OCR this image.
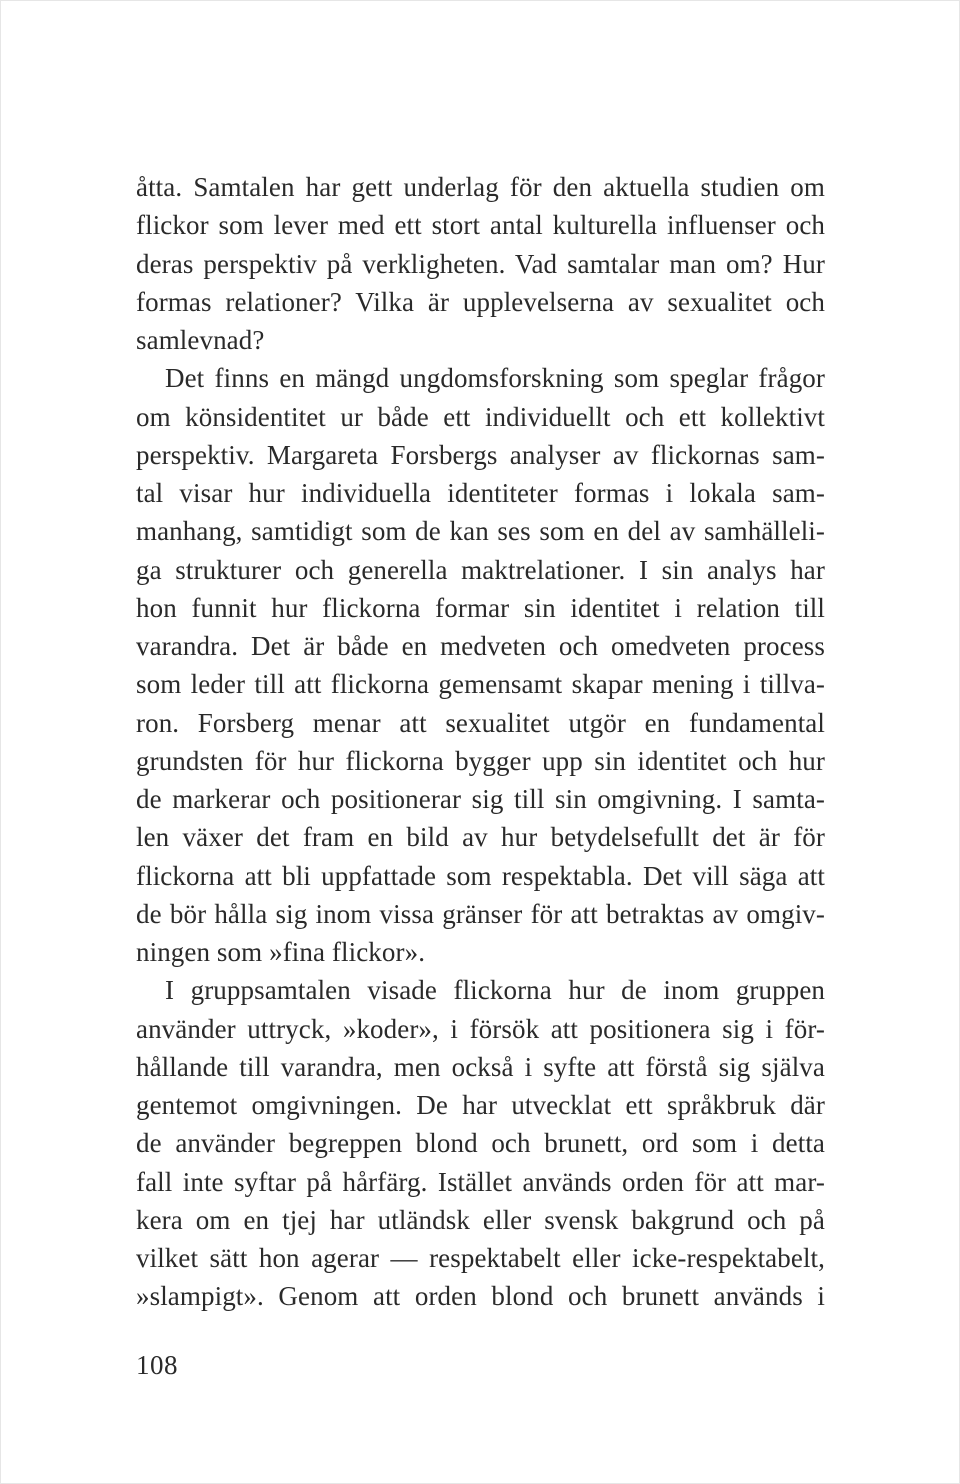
åtta. Samtalen har gett underlag för den aktuella studien om
flickor som lever med ett stort antal kulturella influenser och
deras perspektiv på verkligheten. Vad samtalar man om? Hur
formas relationer? Vilka är upplevelserna av sexualitet och
samlevnad?
Det finns en mängd ungdomsforskning som speglar frågor
om könsidentitet ur både ett individuellt och ett kollektivt
perspektiv. Margareta Forsbergs analyser av flickornas sam-
tal visar hur individuella identiteter formas i lokala sam-
manhang, samtidigt som de kan ses som en del av samhälleli-
ga strukturer och generella maktrelationer. I sin analys har
hon funnit hur flickorna formar sin identitet i relation till
varandra. Det är både en medveten och omedveten process
som leder till att flickorna gemensamt skapar mening i tillva-
ron. Forsberg menar att sexualitet utgör en fundamental
grundsten för hur flickorna bygger upp sin identitet och hur
de markerar och positionerar sig till sin omgivning. I samta-
len växer det fram en bild av hur betydelsefullt det är för
flickorna att bli uppfattade som respektabla. Det vill säga att
de bör hålla sig inom vissa gränser för att betraktas av omgiv-
ningen som »fina flickor».
I gruppsamtalen visade flickorna hur de inom gruppen
använder uttryck, »koder», i försök att positionera sig i för-
hållande till varandra, men också i syfte att förstå sig själva
gentemot omgivningen. De har utvecklat ett språkbruk där
de använder begreppen blond och brunett, ord som i detta
fall inte syftar på hårfärg. Istället används orden för att mar-
kera om en tjej har utländsk eller svensk bakgrund och på
vilket sätt hon agerar — respektabelt eller icke-respektabelt,
»slampigt». Genom att orden blond och brunett används i
108
